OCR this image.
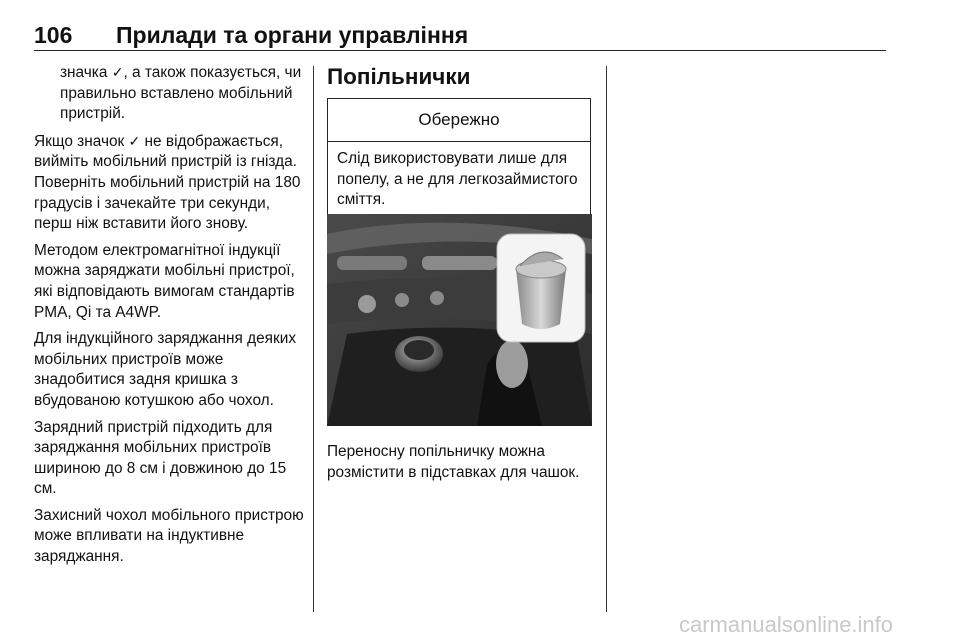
106 Прилади та органи управління

значка ✓, а також показується, чи правильно вставлено мобільний пристрій.

Якщо значок ✓ не відображається, вийміть мобільний пристрій із гнізда. Поверніть мобільний пристрій на 180 градусів і зачекайте три секунди, перш ніж вставити його знову.

Методом електромагнітної індукції можна заряджати мобільні пристрої, які відповідають вимогам стандартів PMA, Qi та A4WP.

Для індукційного заряджання деяких мобільних пристроїв може знадобитися задня кришка з вбудованою котушкою або чохол.

Зарядний пристрій підходить для заряджання мобільних пристроїв шириною до 8 см і довжиною до 15 см.

Захисний чохол мобільного пристрою може впливати на індуктивне заряджання.

Попільнички
Обережно
Слід використовувати лише для попелу, а не для легкозаймистого сміття.
Переносну попільничку можна розмістити в підставках для чашок.
carmanualsonline.info
